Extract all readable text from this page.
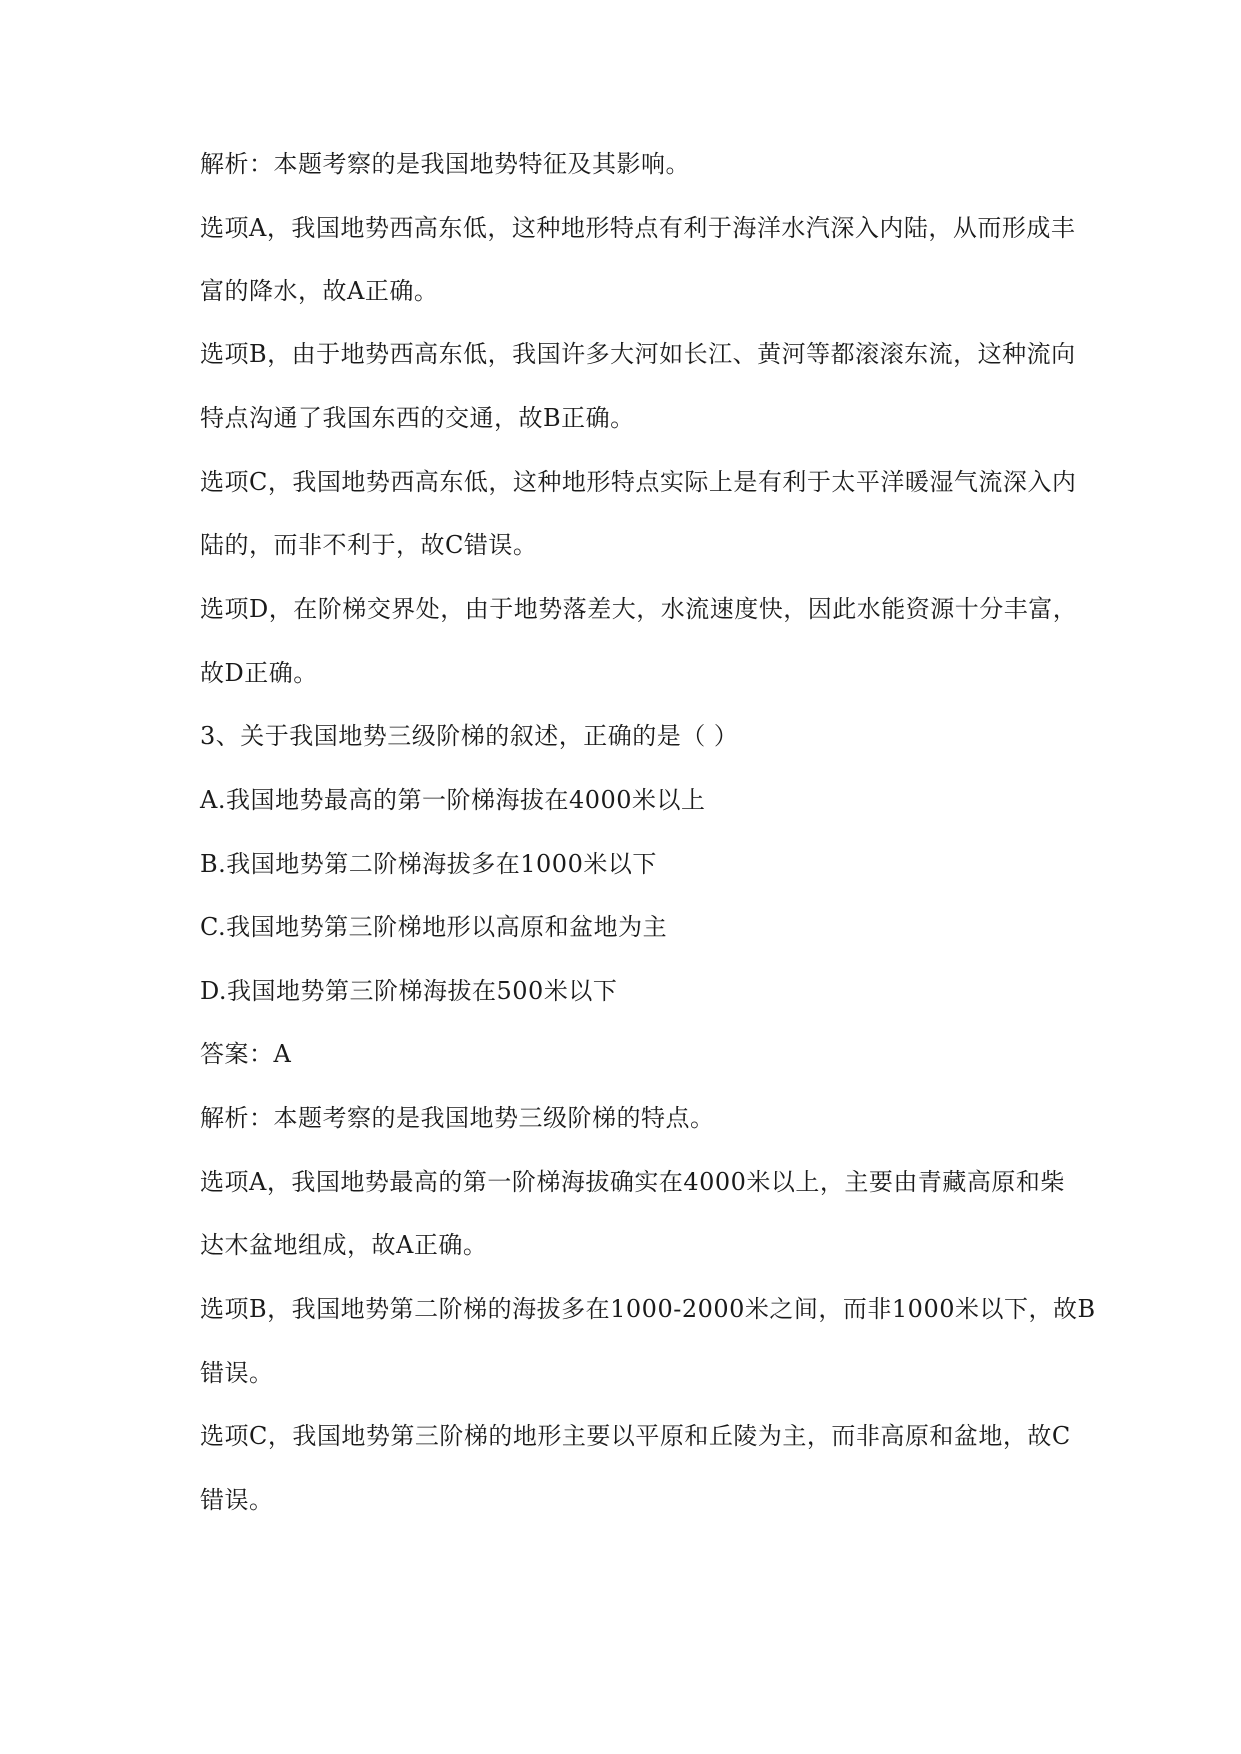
解析：本题考察的是我国地势特征及其影响。
选项A，我国地势西高东低，这种地形特点有利于海洋水汽深入内陆，从而形成丰
富的降水，故A正确。
选项B，由于地势西高东低，我国许多大河如长江、黄河等都滚滚东流，这种流向
特点沟通了我国东西的交通，故B正确。
选项C，我国地势西高东低，这种地形特点实际上是有利于太平洋暖湿气流深入内
陆的，而非不利于，故C错误。
选项D，在阶梯交界处，由于地势落差大，水流速度快，因此水能资源十分丰富，
故D正确。
3、关于我国地势三级阶梯的叙述，正确的是（ ）
A.我国地势最高的第一阶梯海拔在4000米以上
B.我国地势第二阶梯海拔多在1000米以下
C.我国地势第三阶梯地形以高原和盆地为主
D.我国地势第三阶梯海拔在500米以下
答案：A
解析：本题考察的是我国地势三级阶梯的特点。
选项A，我国地势最高的第一阶梯海拔确实在4000米以上，主要由青藏高原和柴
达木盆地组成，故A正确。
选项B，我国地势第二阶梯的海拔多在1000-2000米之间，而非1000米以下，故B
错误。
选项C，我国地势第三阶梯的地形主要以平原和丘陵为主，而非高原和盆地，故C
错误。
